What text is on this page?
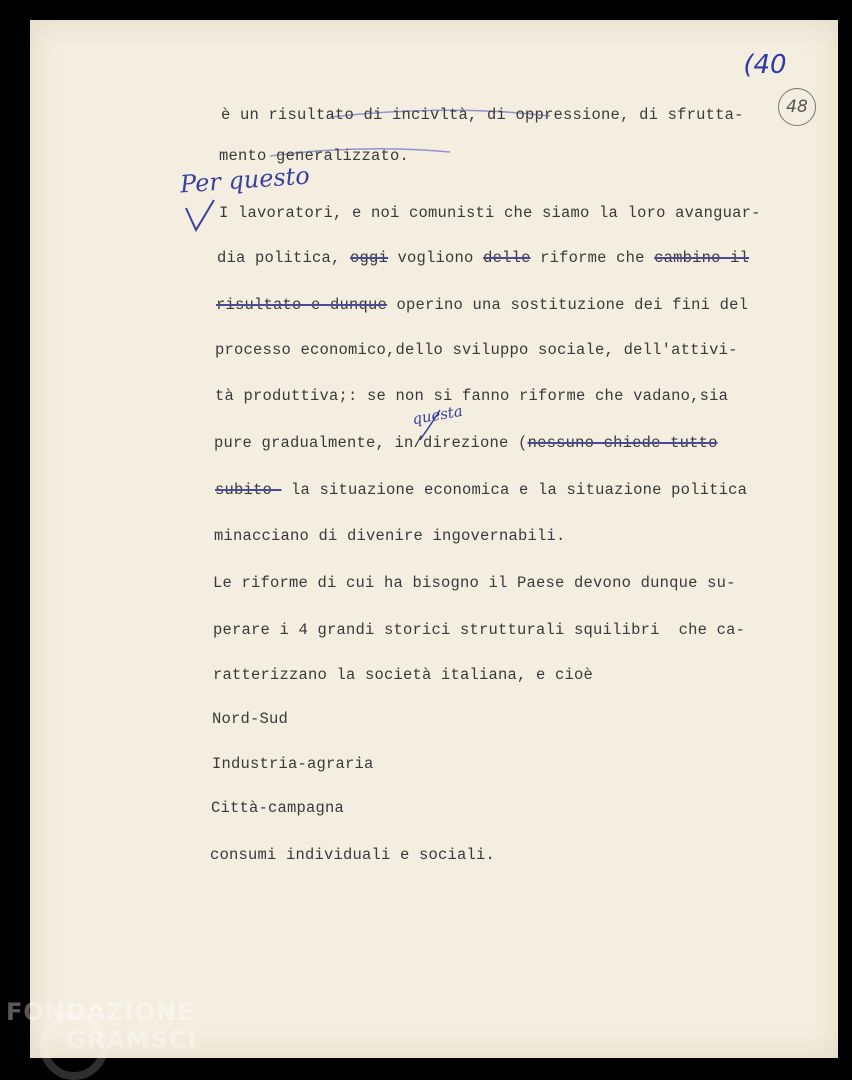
(40
48
Per questo
questa
è un risultato di incivltà, di oppressione, di sfrutta-
mento generalizzato.
I lavoratori, e noi comunisti che siamo la loro avanguar-
dia politica, oggi vogliono delle riforme che cambino il
risultato e dunque operino una sostituzione dei fini del
processo economico,dello sviluppo sociale, dell'attivi-
tà produttiva;: se non si fanno riforme che vadano,sia
pure gradualmente, in/direzione (nessuno chiede tutto
subito  la situazione economica e la situazione politica
minacciano di divenire ingovernabili.
Le riforme di cui ha bisogno il Paese devono dunque su-
perare i 4 grandi storici strutturali squilibri  che ca-
ratterizzano la società italiana, e cioè
Nord-Sud
Industria-agraria
Città-campagna
consumi individuali e sociali.
FONDAZIONE
GRAMSCI
